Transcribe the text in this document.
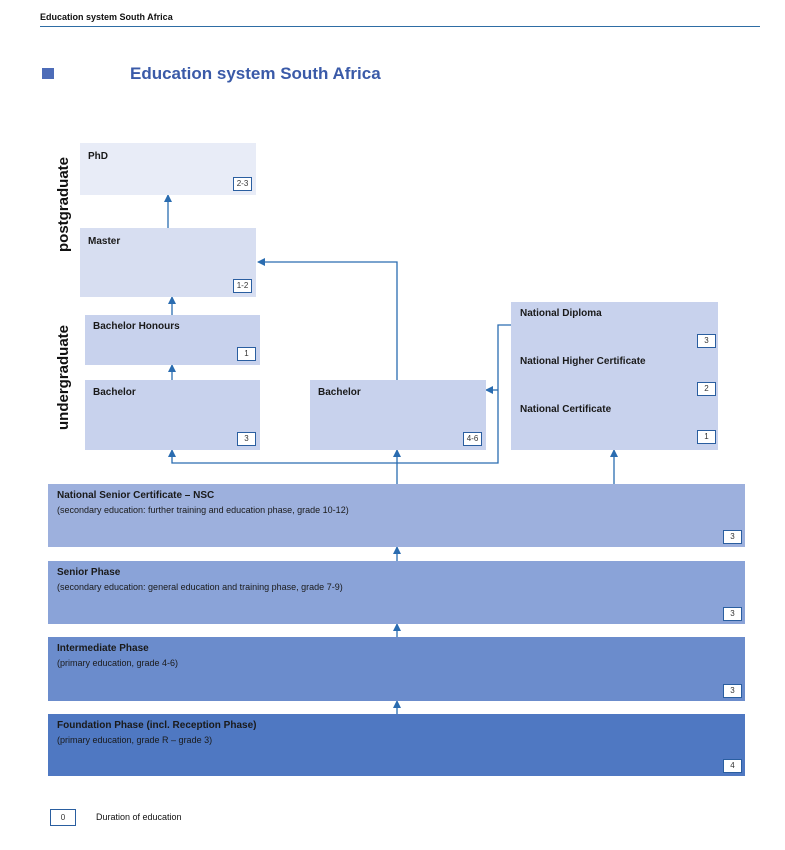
Education system South Africa
Education system South Africa
postgraduate
undergraduate
PhD
2-3
Master
1-2
Bachelor Honours
1
Bachelor
3
Bachelor
4-6
National Diploma
3
National Higher Certificate
2
National Certificate
1
National Senior Certificate – NSC
(secondary education: further training and education phase, grade 10-12)
3
Senior Phase
(secondary education: general education and training phase, grade 7-9)
3
Intermediate Phase
(primary education, grade 4-6)
3
Foundation Phase (incl. Reception Phase)
(primary education, grade R – grade 3)
4
0	Duration of education
